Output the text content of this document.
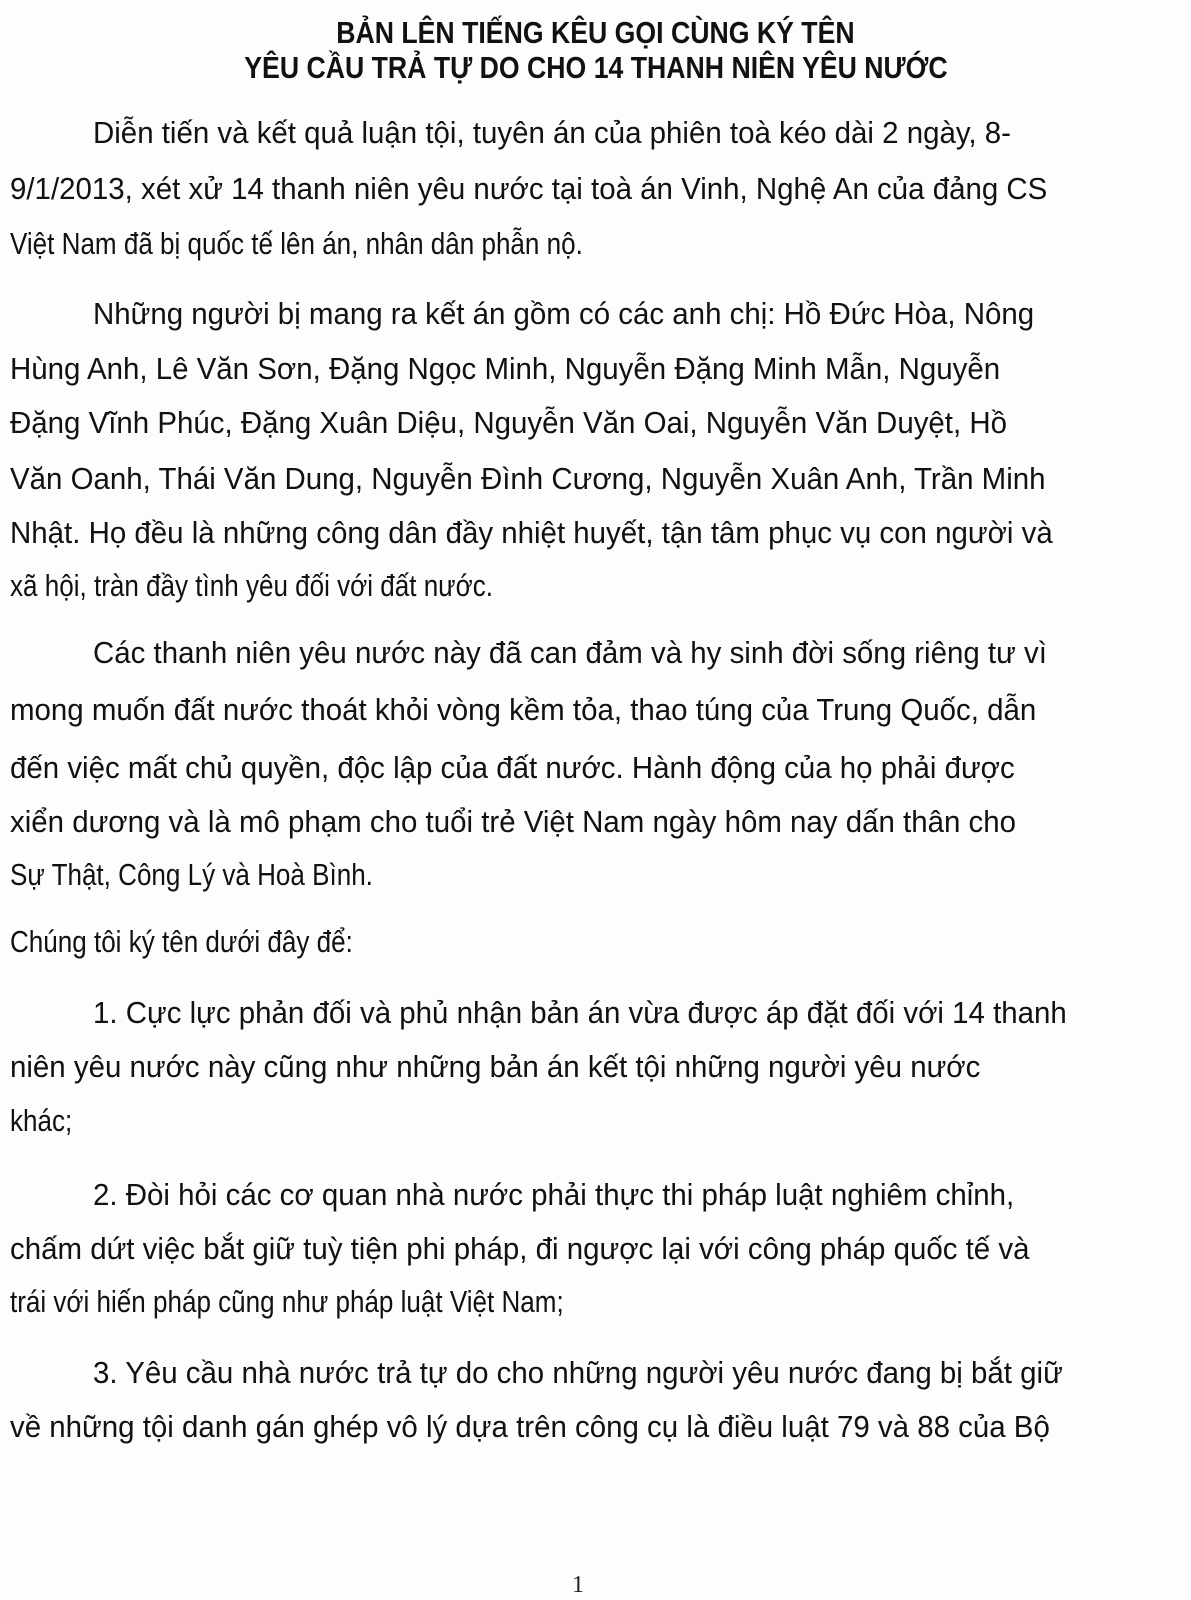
BẢN LÊN TIẾNG KÊU GỌI CÙNG KÝ TÊN
YÊU CẦU TRẢ TỰ DO CHO 14 THANH NIÊN YÊU NƯỚC
Diễn tiến và kết quả luận tội, tuyên án của phiên toà kéo dài 2 ngày, 8-
9/1/2013, xét xử 14 thanh niên yêu nước tại toà án Vinh, Nghệ An của đảng CS
Việt Nam đã bị quốc tế lên án, nhân dân phẫn nộ.
Những người bị mang ra kết án gồm có các anh chị: Hồ Đức Hòa, Nông
Hùng Anh, Lê Văn Sơn, Đặng Ngọc Minh, Nguyễn Đặng Minh Mẫn, Nguyễn
Đặng Vĩnh Phúc, Đặng Xuân Diệu, Nguyễn Văn Oai, Nguyễn Văn Duyệt, Hồ
Văn Oanh, Thái Văn Dung, Nguyễn Đình Cương, Nguyễn Xuân Anh, Trần Minh
Nhật. Họ đều là những công dân đầy nhiệt huyết, tận tâm phục vụ con người và
xã hội, tràn đầy tình yêu đối với đất nước.
Các thanh niên yêu nước này đã can đảm và hy sinh đời sống riêng tư vì
mong muốn đất nước thoát khỏi vòng kềm tỏa, thao túng của Trung Quốc, dẫn
đến việc mất chủ quyền, độc lập của đất nước. Hành động của họ phải được
xiển dương và là mô phạm cho tuổi trẻ Việt Nam ngày hôm nay dấn thân cho
Sự Thật, Công Lý và Hoà Bình.
Chúng tôi ký tên dưới đây để:
1. Cực lực phản đối và phủ nhận bản án vừa được áp đặt đối với 14 thanh
niên yêu nước này cũng như những bản án kết tội những người yêu nước
khác;
2. Đòi hỏi các cơ quan nhà nước phải thực thi pháp luật nghiêm chỉnh,
chấm dứt việc bắt giữ tuỳ tiện phi pháp, đi ngược lại với công pháp quốc tế và
trái với hiến pháp cũng như pháp luật Việt Nam;
3. Yêu cầu nhà nước trả tự do cho những người yêu nước đang bị bắt giữ
về những tội danh gán ghép vô lý dựa trên công cụ là điều luật 79 và 88 của Bộ
1
